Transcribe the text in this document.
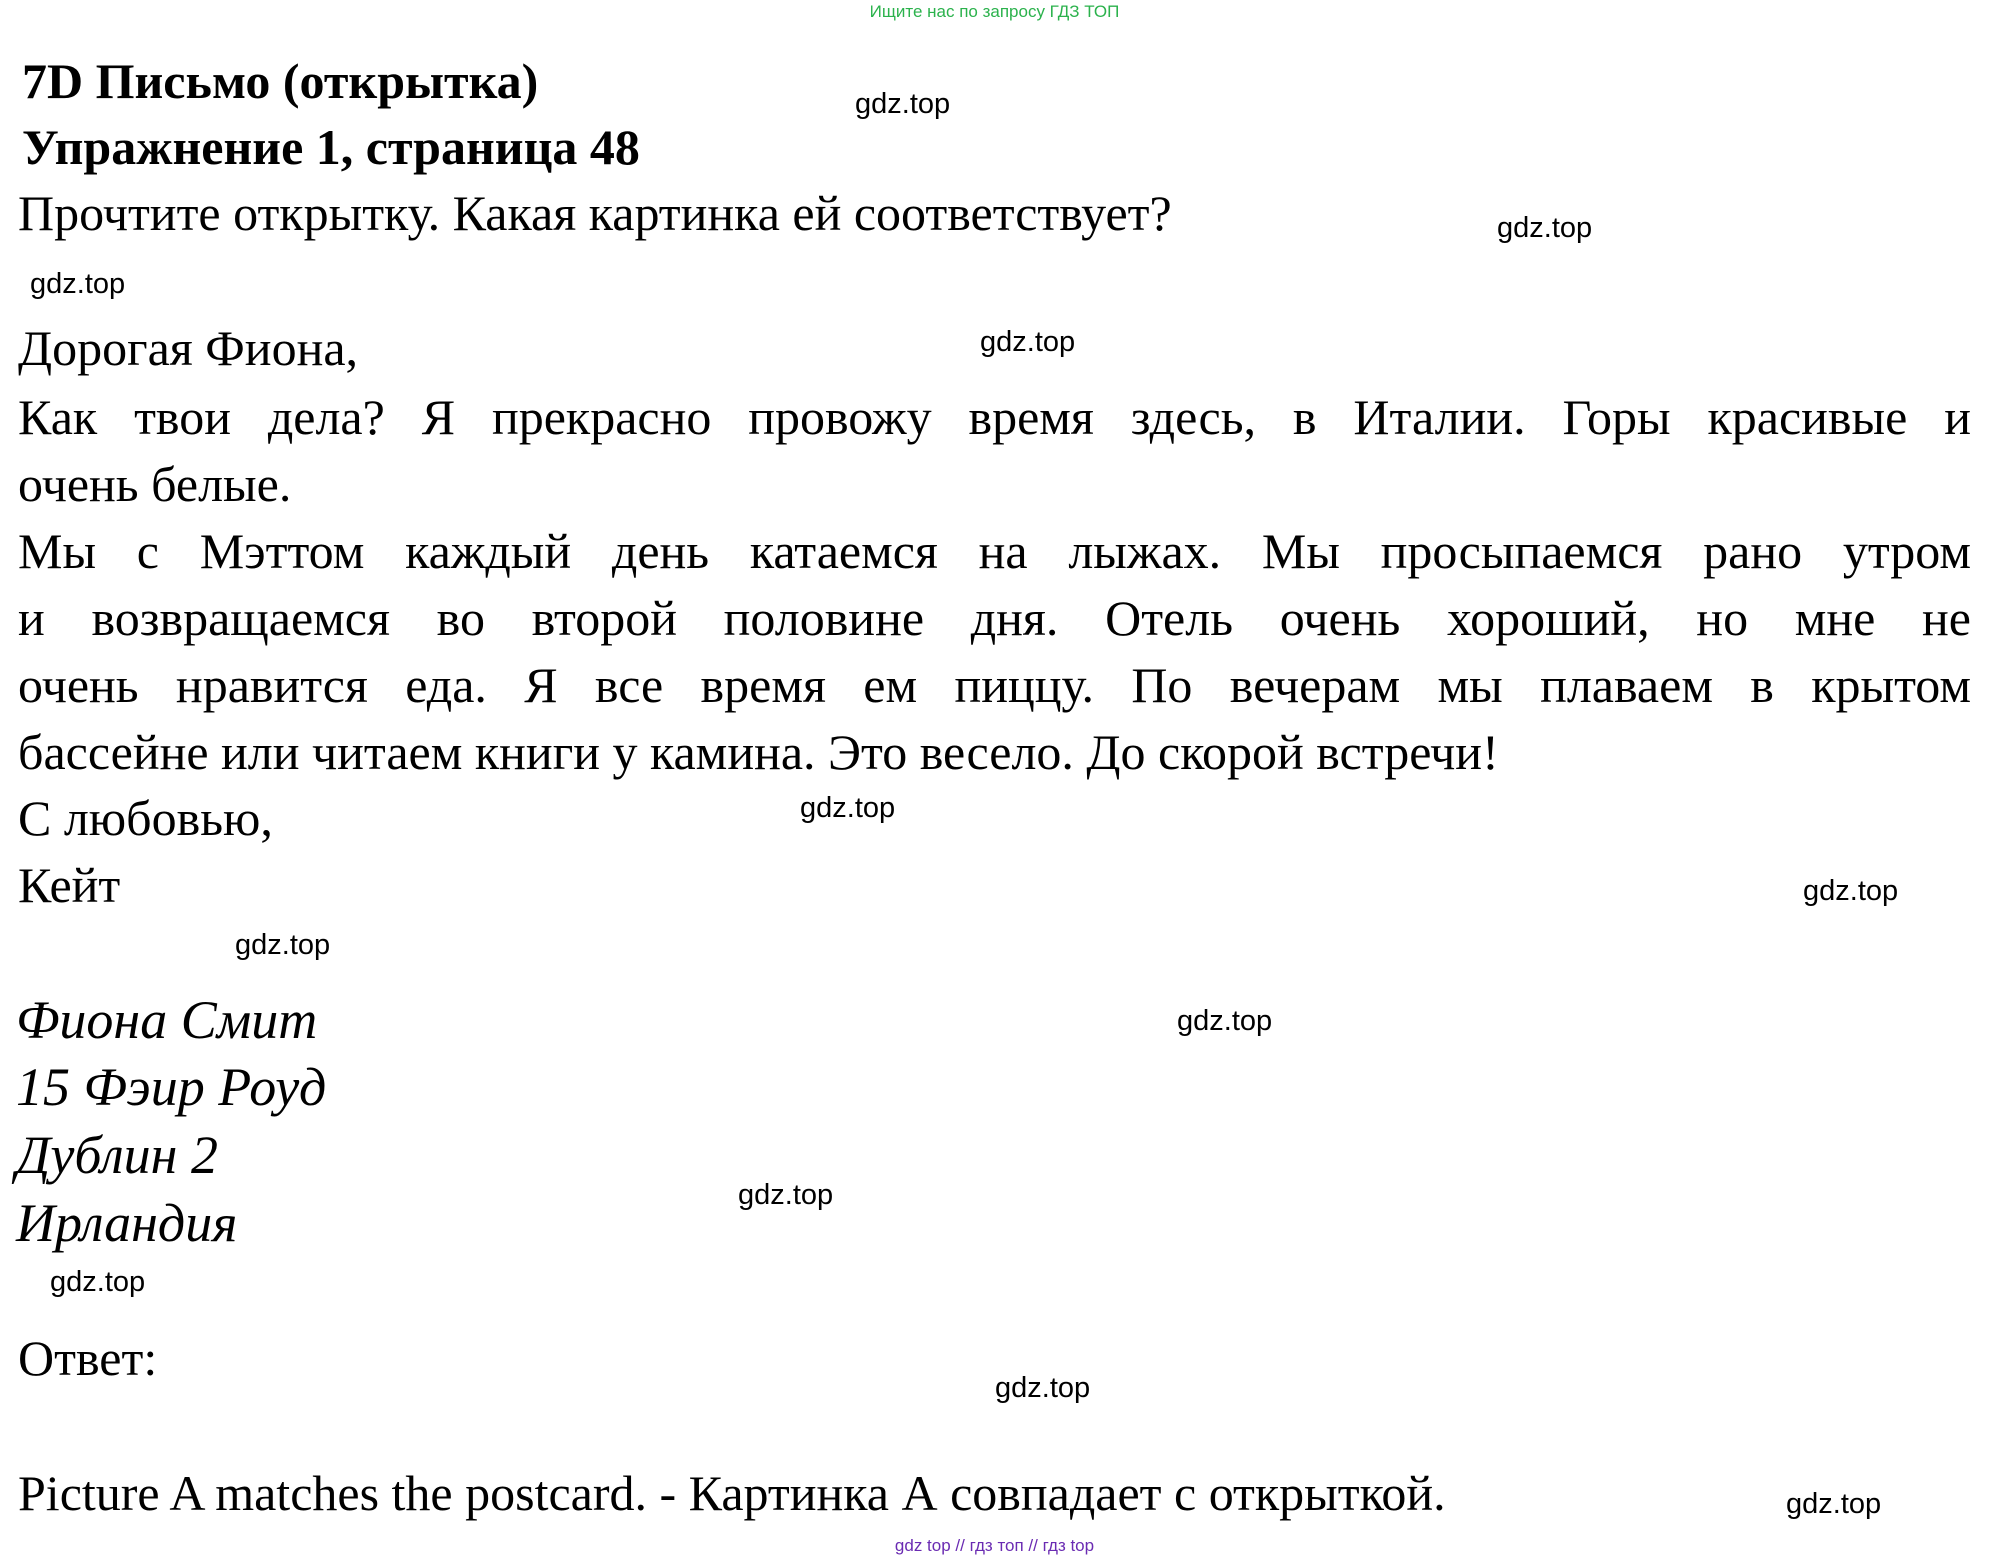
Ищите нас по запросу ГДЗ ТОП
7D Письмо (открытка)
Упражнение 1, страница 48
Прочтите открытку. Какая картинка ей соответствует?
Дорогая Фиона,
Как твои дела? Я прекрасно провожу время здесь, в Италии. Горы красивые и
очень белые.
Мы с Мэттом каждый день катаемся на лыжах. Мы просыпаемся рано утром
и возвращаемся во второй половине дня. Отель очень хороший, но мне не
очень нравится еда. Я все время ем пиццу. По вечерам мы плаваем в крытом
бассейне или читаем книги у камина. Это весело. До скорой встречи!
С любовью,
Кейт
Фиона Смит
15 Фэир Роуд
Дублин 2
Ирландия
Ответ:
Picture A matches the postcard. - Картинка А совпадает с открыткой.
gdz.top
gdz.top
gdz.top
gdz.top
gdz.top
gdz.top
gdz.top
gdz.top
gdz.top
gdz.top
gdz.top
gdz.top
gdz top // гдз топ // гдз top
